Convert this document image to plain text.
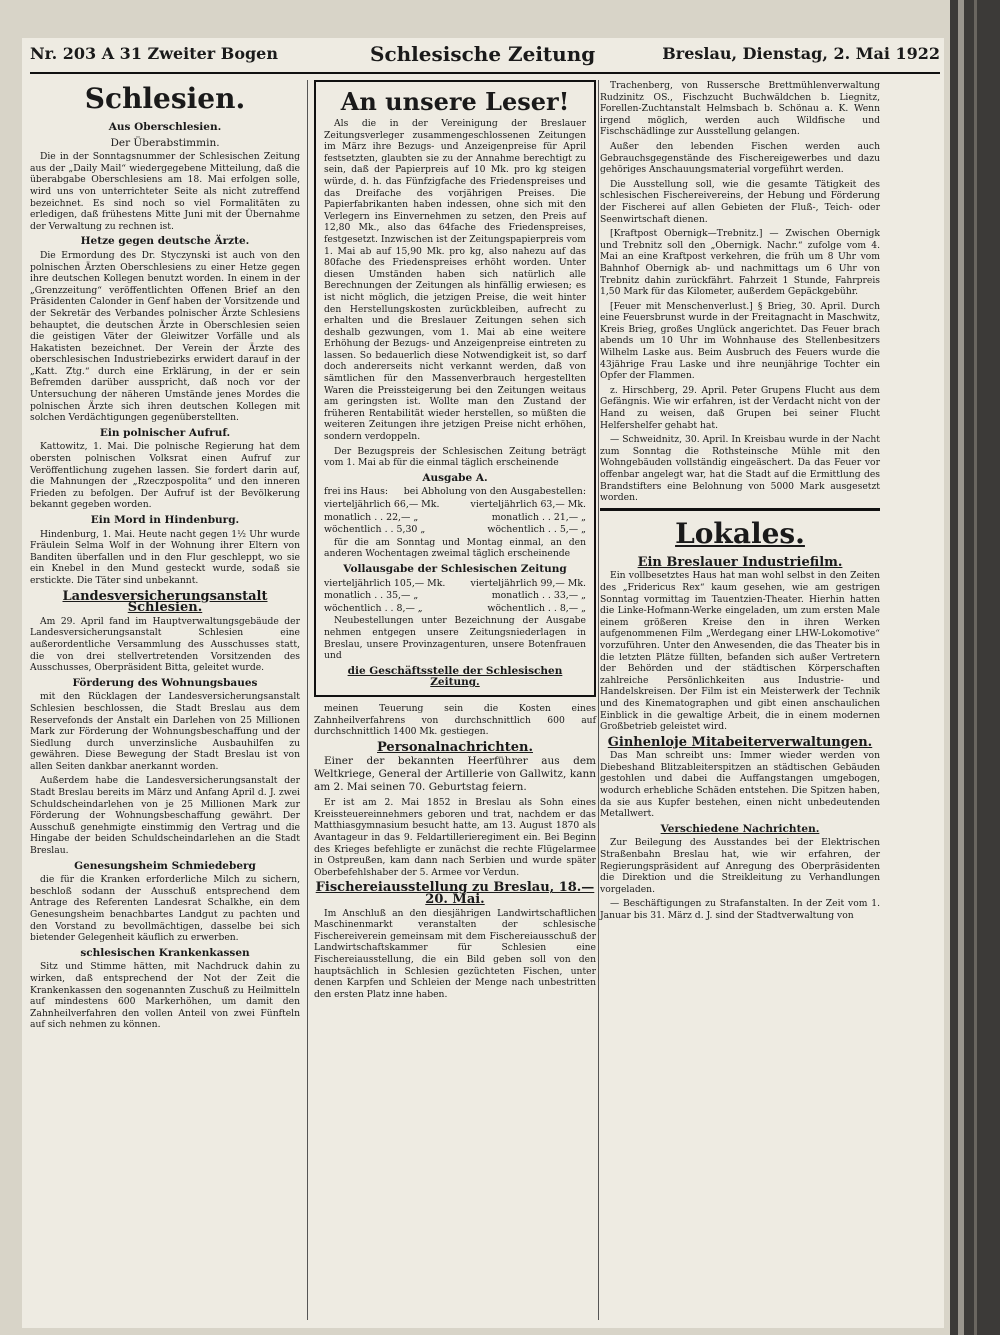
Nr. 203 A 31 Zweiter Bogen	Schlesische Zeitung	Breslau, Dienstag, 2. Mai 1922
Schlesien.
Aus Oberschlesien.
Der Überabstimmin.

Die in der Sonntagsnummer der Schlesischen Zeitung aus der „Daily Mail“ wiedergegebene Mitteilung, daß die überabgabe Oberschlesiens am 18. Mai erfolgen solle, wird uns von unterrichteter Seite als nicht zutreffend bezeichnet. Es sind noch so viel Formalitäten zu erledigen, daß frühestens Mitte Juni mit der Übernahme der Verwaltung zu rechnen ist.

Hetze gegen deutsche Ärzte.

Die Ermordung des Dr. Styczynski ist auch von den polnischen Ärzten Oberschlesiens zu einer Hetze gegen ihre deutschen Kollegen benutzt worden. In einem in der „Grenzzeitung“ veröffentlichten Offenen Brief an den Präsidenten Calonder in Genf haben der Vorsitzende und der Sekretär des Verbandes polnischer Ärzte Schlesiens behauptet, die deutschen Ärzte in Oberschlesien seien die geistigen Väter der Gleiwitzer Vorfälle und als Hakatisten bezeichnet. Der Verein der Ärzte des oberschlesischen Industriebezirks erwidert darauf in der „Katt. Ztg.“ durch eine Erklärung, in der er sein Befremden darüber ausspricht, daß noch vor der Untersuchung der näheren Umstände jenes Mordes die polnischen Ärzte sich ihren deutschen Kollegen mit solchen Verdächtigungen gegenüberstellten.

Ein polnischer Aufruf.

Kattowitz, 1. Mai. Die polnische Regierung hat dem obersten polnischen Volksrat einen Aufruf zur Veröffentlichung zugehen lassen. Sie fordert darin auf, die Mahnungen der „Rzeczpospolita“ und den inneren Frieden zu befolgen. Der Aufruf ist der Bevölkerung bekannt gegeben worden.

Ein Mord in Hindenburg.

Hindenburg, 1. Mai. Heute nacht gegen 1½ Uhr wurde Fräulein Selma Wolf in der Wohnung ihrer Eltern von Banditen überfallen und in den Flur geschleppt, wo sie ein Knebel in den Mund gesteckt wurde, sodaß sie erstickte. Die Täter sind unbekannt.

Landesversicherungsanstalt Schlesien.

Am 29. April fand im Hauptverwaltungsgebäude der Landesversicherungsanstalt Schlesien eine außerordentliche Versammlung des Ausschusses statt, die von drei stellvertretenden Vorsitzenden des Ausschusses, Oberpräsident Bitta, geleitet wurde.

Förderung des Wohnungsbaues

mit den Rücklagen der Landesversicherungsanstalt Schlesien beschlossen, die Stadt Breslau aus dem Reservefonds der Anstalt ein Darlehen von 25 Millionen Mark zur Förderung der Wohnungsbeschaffung und der Siedlung durch unverzinsliche Ausbauhilfen zu gewähren. Diese Bewegung der Stadt Breslau ist von allen Seiten dankbar anerkannt worden.

Außerdem habe die Landesversicherungsanstalt der Stadt Breslau bereits im März und Anfang April d. J. zwei Schuldscheindarlehen von je 25 Millionen Mark zur Förderung der Wohnungsbeschaffung gewährt. Der Ausschuß genehmigte einstimmig den Vertrag und die Hingabe der beiden Schuldscheindarlehen an die Stadt Breslau.

Genesungsheim Schmiedeberg

die für die Kranken erforderliche Milch zu sichern, beschloß sodann der Ausschuß entsprechend dem Antrage des Referenten Landesrat Schalkhe, ein dem Genesungsheim benachbartes Landgut zu pachten und den Vorstand zu bevollmächtigen, dasselbe bei sich bietender Gelegenheit käuflich zu erwerben.

schlesischen Krankenkassen

Sitz und Stimme hätten, mit Nachdruck dahin zu wirken, daß entsprechend der Not der Zeit die Krankenkassen den sogenannten Zuschuß zu Heilmitteln auf mindestens 600 Markerhöhen, um damit den Zahnheilverfahren den vollen Anteil von zwei Fünfteln auf sich nehmen zu können.

An unsere Leser!

Als die in der Vereinigung der Breslauer Zeitungsverleger zusammengeschlossenen Zeitungen im März ihre Bezugs- und Anzeigenpreise für April festsetzten, glaubten sie zu der Annahme berechtigt zu sein, daß der Papierpreis auf 10 Mk. pro kg steigen würde, d. h. das Fünfzigfache des Friedenspreises und das Dreifache des vorjährigen Preises. Die Papierfabrikanten haben indessen, ohne sich mit den Verlegern ins Einvernehmen zu setzen, den Preis auf 12,80 Mk., also das 64fache des Friedenspreises, festgesetzt. Inzwischen ist der Zeitungspapierpreis vom 1. Mai ab auf 15,90 Mk. pro kg, also nahezu auf das 80fache des Friedenspreises erhöht worden. Unter diesen Umständen haben sich natürlich alle Berechnungen der Zeitungen als hinfällig erwiesen; es ist nicht möglich, die jetzigen Preise, die weit hinter den Herstellungskosten zurückbleiben, aufrecht zu erhalten und die Breslauer Zeitungen sehen sich deshalb gezwungen, vom 1. Mai ab eine weitere Erhöhung der Bezugs- und Anzeigenpreise eintreten zu lassen. So bedauerlich diese Notwendigkeit ist, so darf doch andererseits nicht verkannt werden, daß von sämtlichen für den Massenverbrauch hergestellten Waren die Preissteigerung bei den Zeitungen weitaus am geringsten ist. Wollte man den Zustand der früheren Rentabilität wieder herstellen, so müßten die weiteren Zeitungen ihre jetzigen Preise nicht erhöhen, sondern verdoppeln.

Der Bezugspreis der Schlesischen Zeitung beträgt vom 1. Mai ab für die einmal täglich erscheinende

Ausgabe A.
frei ins Haus: bei Abholung von den Ausgabestellen:
vierteljährlich 66,— Mk.	vierteljährlich 63,— Mk.
monatlich . . 22,— „	monatlich . . 21,— „
wöchentlich . . 5,30 „	wöchentlich . . 5,— „

für die am Sonntag und Montag einmal, an den anderen Wochentagen zweimal täglich erscheinende

Vollausgabe der Schlesischen Zeitung
vierteljährlich 105,— Mk.	vierteljährlich 99,— Mk.
monatlich . . 35,— „	monatlich . . 33,— „
wöchentlich . . 8,— „	wöchentlich . . 8,— „

Neubestellungen unter Bezeichnung der Ausgabe nehmen entgegen unsere Zeitungsniederlagen in Breslau, unsere Provinzagenturen, unsere Botenfrauen und

die Geschäftsstelle der Schlesischen Zeitung.

meinen Teuerung sein die Kosten eines Zahnheilverfahrens von durchschnittlich 600 auf durchschnittlich 1400 Mk. gestiegen.

Personalnachrichten.

Einer der bekannten Heerführer aus dem Weltkriege, General der Artillerie von Gallwitz, kann am 2. Mai seinen 70. Geburtstag feiern.

Er ist am 2. Mai 1852 in Breslau als Sohn eines Kreissteuereinnehmers geboren und trat, nachdem er das Matthiasgymnasium besucht hatte, am 13. August 1870 als Avantageur in das 9. Feldartillerieregiment ein. Bei Beginn des Krieges befehligte er zunächst die rechte Flügelarmee in Ostpreußen, kam dann nach Serbien und wurde später Oberbefehlshaber der 5. Armee vor Verdun.

Fischereiausstellung zu Breslau, 18.—20. Mai.

Im Anschluß an den diesjährigen Landwirtschaftlichen Maschinenmarkt veranstalten der schlesische Fischereiverein gemeinsam mit dem Fischereiausschuß der Landwirtschaftskammer für Schlesien eine Fischereiausstellung, die ein Bild geben soll von den hauptsächlich in Schlesien gezüchteten Fischen, unter denen Karpfen und Schleien der Menge nach unbestritten den ersten Platz inne haben.

Trachenberg, von Russersche Brettmühlenverwaltung Rudzinitz OS., Fischzucht Buchwäldchen b. Liegnitz, Forellen-Zuchtanstalt Helmsbach b. Schönau a. K. Wenn irgend möglich, werden auch Wildfische und Fischschädlinge zur Ausstellung gelangen.

Außer den lebenden Fischen werden auch Gebrauchsgegenstände des Fischereigewerbes und dazu gehöriges Anschauungsmaterial vorgeführt werden.

Die Ausstellung soll, wie die gesamte Tätigkeit des schlesischen Fischereivereins, der Hebung und Förderung der Fischerei auf allen Gebieten der Fluß-, Teich- oder Seenwirtschaft dienen.

[Kraftpost Obernigk—Trebnitz.] — Zwischen Obernigk und Trebnitz soll den „Obernigk. Nachr.“ zufolge vom 4. Mai an eine Kraftpost verkehren, die früh um 8 Uhr vom Bahnhof Obernigk ab- und nachmittags um 6 Uhr von Trebnitz dahin zurückfährt. Fahrzeit 1 Stunde, Fahrpreis 1,50 Mark für das Kilometer, außerdem Gepäckgebühr.

[Feuer mit Menschenverlust.] § Brieg, 30. April. Durch eine Feuersbrunst wurde in der Freitagnacht in Maschwitz, Kreis Brieg, großes Unglück angerichtet. Das Feuer brach abends um 10 Uhr im Wohnhause des Stellenbesitzers Wilhelm Laske aus. Beim Ausbruch des Feuers wurde die 43jährige Frau Laske und ihre neunjährige Tochter ein Opfer der Flammen.

z. Hirschberg, 29. April. Peter Grupens Flucht aus dem Gefängnis. Wie wir erfahren, ist der Verdacht nicht von der Hand zu weisen, daß Grupen bei seiner Flucht Helfershelfer gehabt hat.

— Schweidnitz, 30. April. In Kreisbau wurde in der Nacht zum Sonntag die Rothsteinsche Mühle mit den Wohngebäuden vollständig eingeäschert. Da das Feuer vor offenbar angelegt war, hat die Stadt auf die Ermittlung des Brandstifters eine Belohnung von 5000 Mark ausgesetzt worden.

Lokales.
Ein Breslauer Industriefilm.

Ein vollbesetztes Haus hat man wohl selbst in den Zeiten des „Fridericus Rex“ kaum gesehen, wie am gestrigen Sonntag vormittag im Tauentzien-Theater. Hierhin hatten die Linke-Hofmann-Werke eingeladen, um zum ersten Male einem größeren Kreise den in ihren Werken aufgenommenen Film „Werdegang einer LHW-Lokomotive“ vorzuführen. Unter den Anwesenden, die das Theater bis in die letzten Plätze füllten, befanden sich außer Vertretern der Behörden und der städtischen Körperschaften zahlreiche Persönlichkeiten aus Industrie- und Handelskreisen. Der Film ist ein Meisterwerk der Technik und des Kinematographen und gibt einen anschaulichen Einblick in die gewaltige Arbeit, die in einem modernen Großbetrieb geleistet wird.

Ginhenloje Mitabeiterverwaltungen.

Das Man schreibt uns: Immer wieder werden von Diebeshand Blitzableiterspitzen an städtischen Gebäuden gestohlen und dabei die Auffangstangen umgebogen, wodurch erhebliche Schäden entstehen. Die Spitzen haben, da sie aus Kupfer bestehen, einen nicht unbedeutenden Metallwert.

Verschiedene Nachrichten.

Zur Beilegung des Ausstandes bei der Elektrischen Straßenbahn Breslau hat, wie wir erfahren, der Regierungspräsident auf Anregung des Oberpräsidenten die Direktion und die Streikleitung zu Verhandlungen vorgeladen.

— Beschäftigungen zu Strafanstalten. In der Zeit vom 1. Januar bis 31. März d. J. sind der Stadtverwaltung von
